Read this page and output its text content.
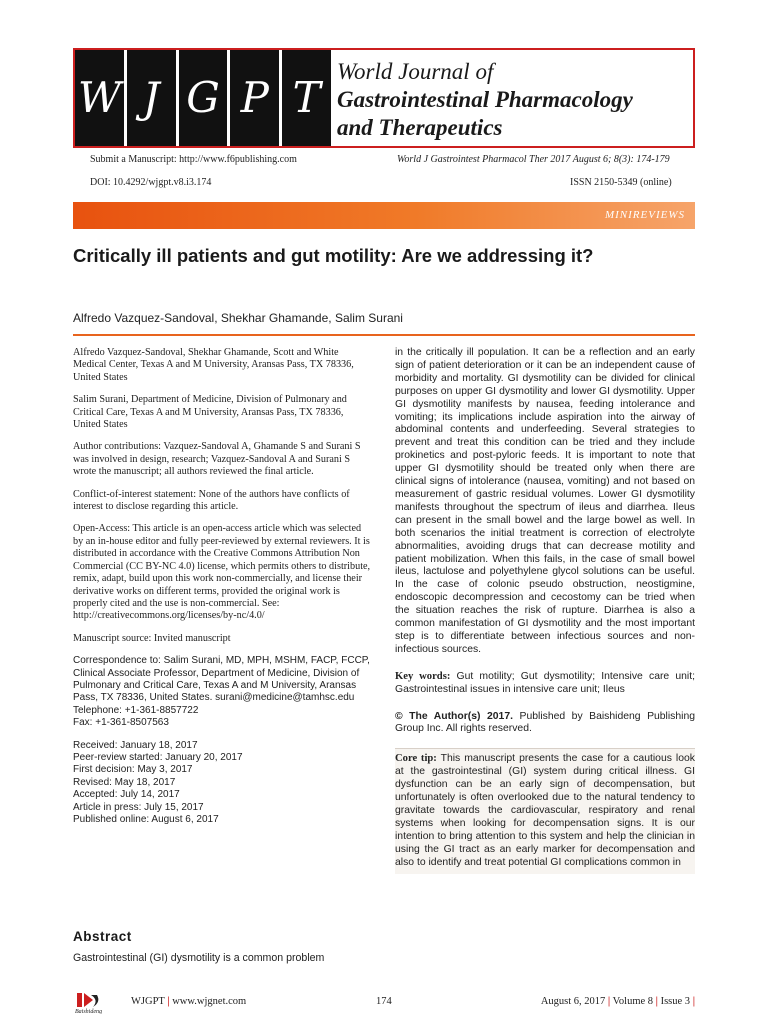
W J G P T
World Journal of
Gastrointestinal Pharmacology
and Therapeutics
Submit a Manuscript: http://www.f6publishing.com	World J Gastrointest Pharmacol Ther 2017 August 6; 8(3): 174-179
DOI: 10.4292/wjgpt.v8.i3.174	ISSN 2150-5349 (online)
MINIREVIEWS
Critically ill patients and gut motility: Are we addressing it?
Alfredo Vazquez-Sandoval, Shekhar Ghamande, Salim Surani

Alfredo Vazquez-Sandoval, Shekhar Ghamande, Scott and White Medical Center, Texas A and M University, Aransas Pass, TX 78336, United States

Salim Surani, Department of Medicine, Division of Pulmonary and Critical Care, Texas A and M University, Aransas Pass, TX 78336, United States

Author contributions: Vazquez-Sandoval A, Ghamande S and Surani S was involved in design, research; Vazquez-Sandoval A and Surani S wrote the manuscript; all authors reviewed the final article.

Conflict-of-interest statement: None of the authors have conflicts of interest to disclose regarding this article.

Open-Access: This article is an open-access article which was selected by an in-house editor and fully peer-reviewed by external reviewers. It is distributed in accordance with the Creative Commons Attribution Non Commercial (CC BY-NC 4.0) license, which permits others to distribute, remix, adapt, build upon this work non-commercially, and license their derivative works on different terms, provided the original work is properly cited and the use is non-commercial. See: http://creativecommons.org/licenses/by-nc/4.0/

Manuscript source: Invited manuscript

Correspondence to: Salim Surani, MD, MPH, MSHM, FACP, FCCP, Clinical Associate Professor, Department of Medicine, Division of Pulmonary and Critical Care, Texas A and M University, Aransas Pass, TX 78336, United States. surani@medicine@tamhsc.edu

Telephone: +1-361-8857722
Fax: +1-361-8507563
Received: January 18, 2017
Peer-review started: January 20, 2017
First decision: May 3, 2017
Revised: May 18, 2017
Accepted: July 14, 2017
Article in press: July 15, 2017
Published online: August 6, 2017
Abstract
Gastrointestinal (GI) dysmotility is a common problem
in the critically ill population. It can be a reflection and an early sign of patient deterioration or it can be an independent cause of morbidity and mortality. GI dysmotility can be divided for clinical purposes on upper GI dysmotility and lower GI dysmotility. Upper GI dysmotility manifests by nausea, feeding intolerance and vomiting; its implications include aspiration into the airway of abdominal contents and underfeeding. Several strategies to prevent and treat this condition can be tried and they include prokinetics and post-pyloric feeds. It is important to note that upper GI dysmotility should be treated only when there are clinical signs of intolerance (nausea, vomiting) and not based on measurement of gastric residual volumes. Lower GI dysmotility manifests throughout the spectrum of ileus and diarrhea. Ileus can present in the small bowel and the large bowel as well. In both scenarios the initial treatment is correction of electrolyte abnormalities, avoiding drugs that can decrease motility and patient mobilization. When this fails, in the case of small bowel ileus, lactulose and polyethylene glycol solutions can be useful. In the case of colonic pseudo obstruction, neostigmine, endoscopic decompression and cecostomy can be tried when the situation reaches the risk of rupture. Diarrhea is also a common manifestation of GI dysmotility and the most important step is to differentiate between infectious sources and non-infectious sources.
Key words: Gut motility; Gut dysmotility; Intensive care unit; Gastrointestinal issues in intensive care unit; Ileus
© The Author(s) 2017. Published by Baishideng Publishing Group Inc. All rights reserved.
Core tip: This manuscript presents the case for a cautious look at the gastrointestinal (GI) system during critical illness. GI dysfunction can be an early sign of decompensation, but unfortunately is often overlooked due to the natural tendency to gravitate towards the cardiovascular, respiratory and renal systems when looking for decompensation signs. It is our intention to bring attention to this system and help the clinician in using the GI tract as an early marker for decompensation and also to identify and treat potential GI complications common in
Baishideng
WJGPT | www.wjgnet.com	174	August 6, 2017 | Volume 8 | Issue 3 |
